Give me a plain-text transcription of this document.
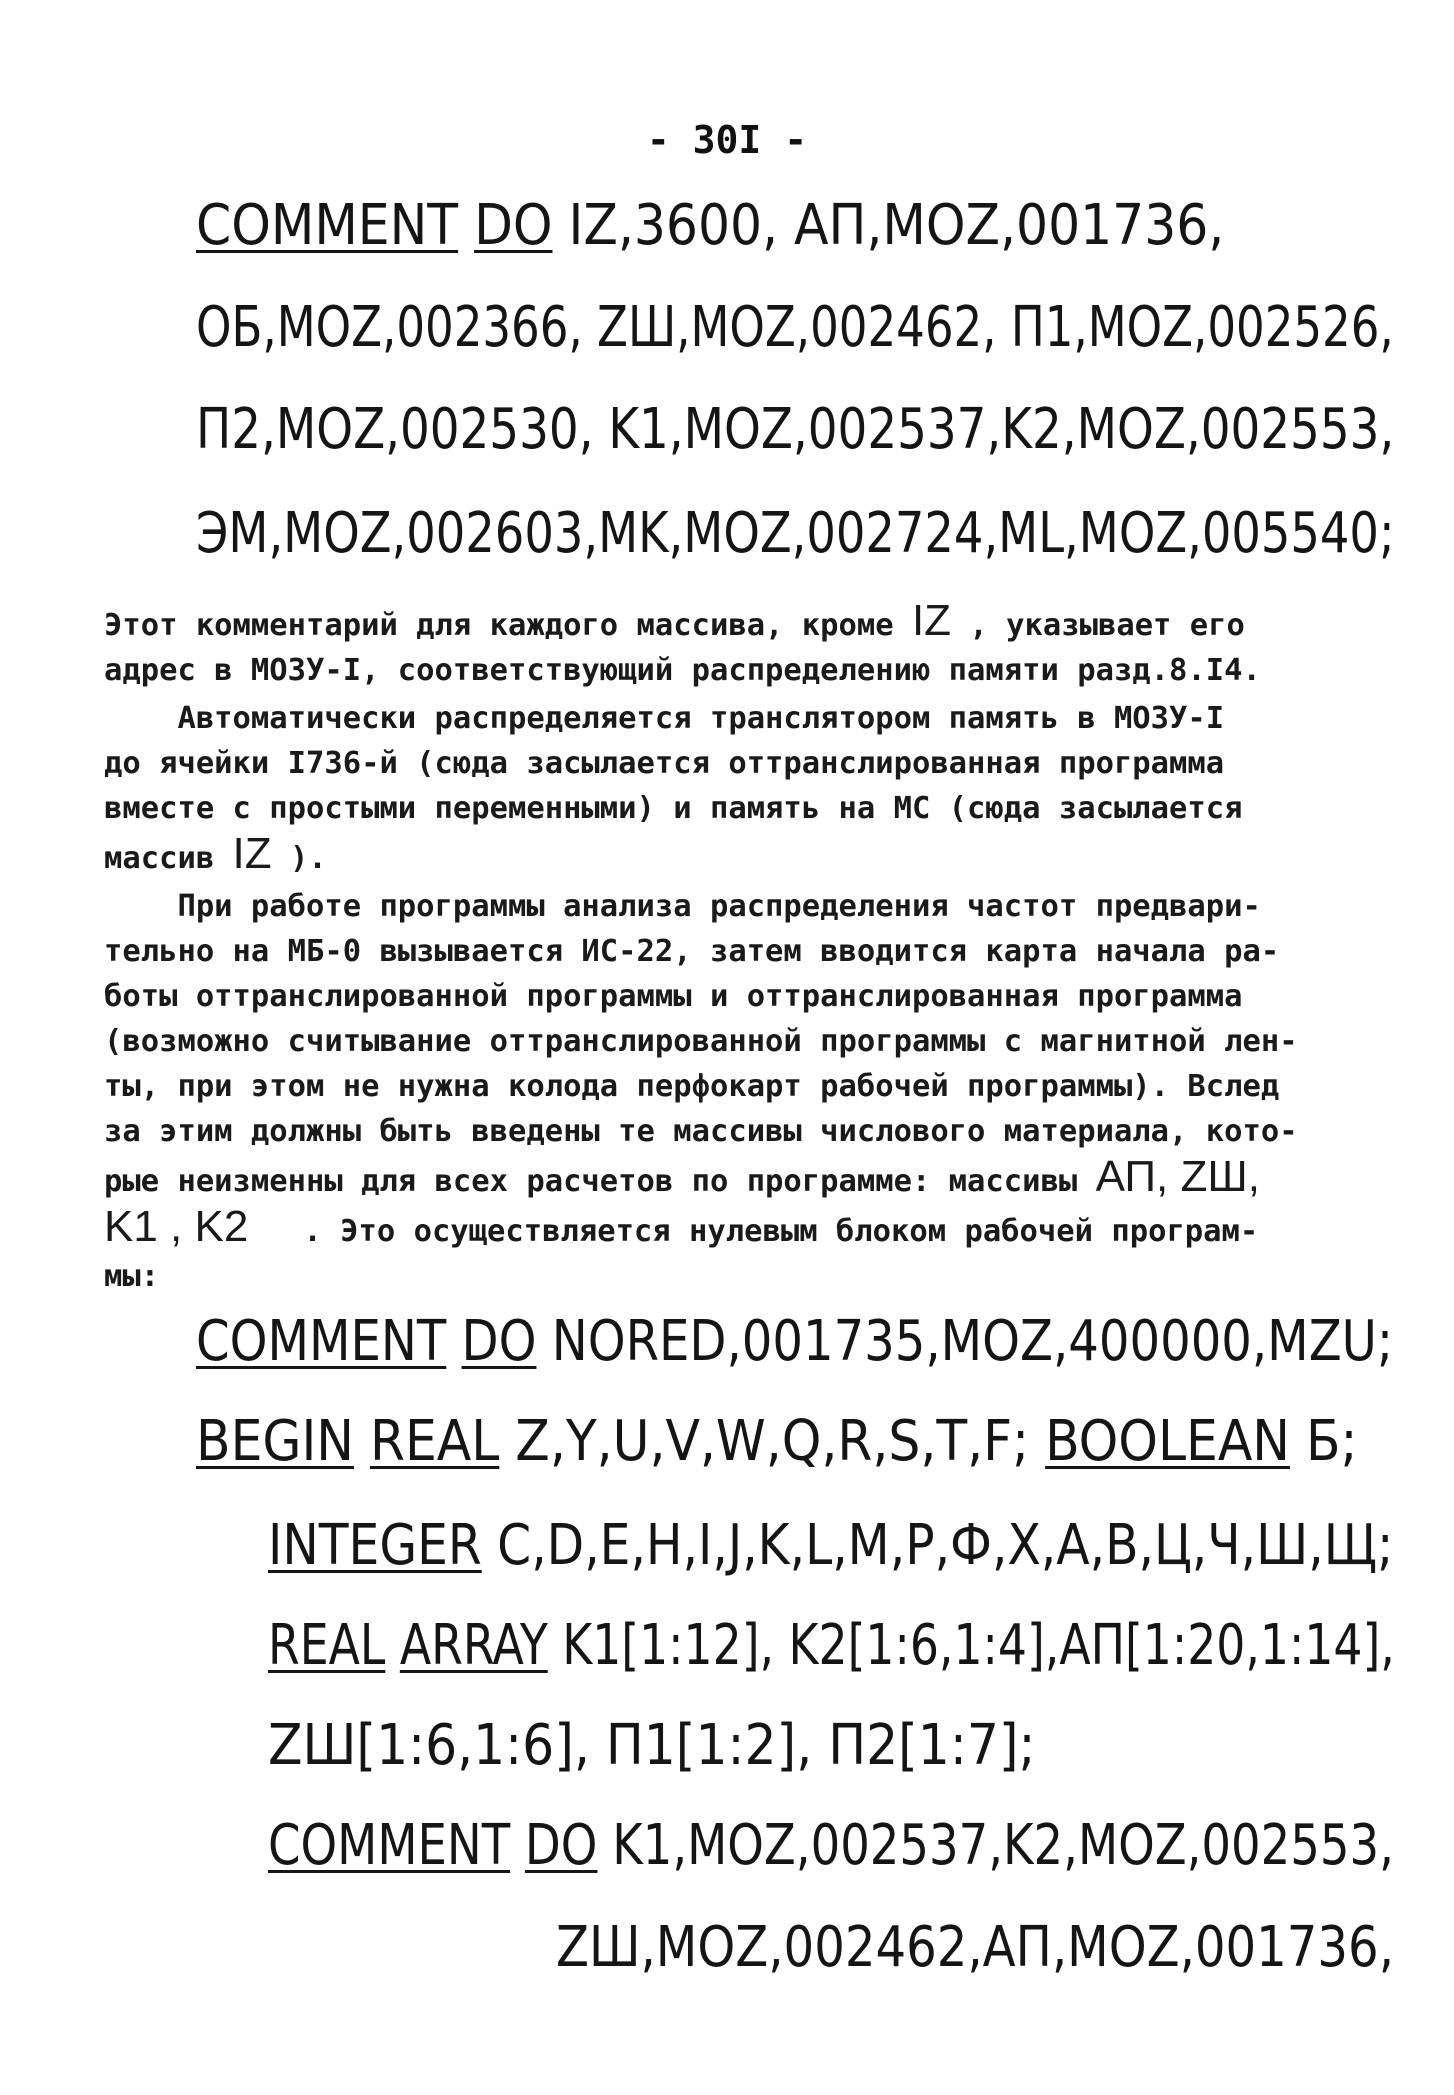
- 30I -
COMMENT DO IZ,3600, АП,MOZ,001736,
ОБ,MOZ,002366, ZШ,MOZ,002462, П1,MOZ,002526,
П2,MOZ,002530, K1,MOZ,002537,K2,MOZ,002553,
ЭМ,MOZ,002603,MK,MOZ,002724,ML,MOZ,005540;
Этот комментарий для каждого массива, кроме IZ , указывает его
адрес в МОЗУ-I, соответствующий распределению памяти разд.8.I4.
Автоматически распределяется транслятором память в МОЗУ-I
до ячейки I736-й (сюда засылается оттранслированная программа
вместе с простыми переменными) и память на МС (сюда засылается
массив IZ ).
При работе программы анализа распределения частот предвари-
тельно на МБ-0 вызывается ИС-22, затем вводится карта начала ра-
боты оттранслированной программы и оттранслированная программа
(возможно считывание оттранслированной программы с магнитной лен-
ты, при этом не нужна колода перфокарт рабочей программы). Вслед
за этим должны быть введены те массивы числового материала, кото-
рые неизменны для всех расчетов по программе: массивы АП, ZШ,
K1 , K2   . Это осуществляется нулевым блоком рабочей програм-
мы:
COMMENT DO NORED,001735,MOZ,400000,MZU;
BEGIN REAL Z,Y,U,V,W,Q,R,S,T,F; BOOLEAN Б;
INTEGER C,D,E,H,I,J,K,L,M,P,Ф,X,A,B,Ц,Ч,Ш,Щ;
REAL ARRAY K1[1:12], K2[1:6,1:4],АП[1:20,1:14],
ZШ[1:6,1:6], П1[1:2], П2[1:7];
COMMENT DO K1,MOZ,002537,K2,MOZ,002553,
ZШ,MOZ,002462,АП,MOZ,001736,
